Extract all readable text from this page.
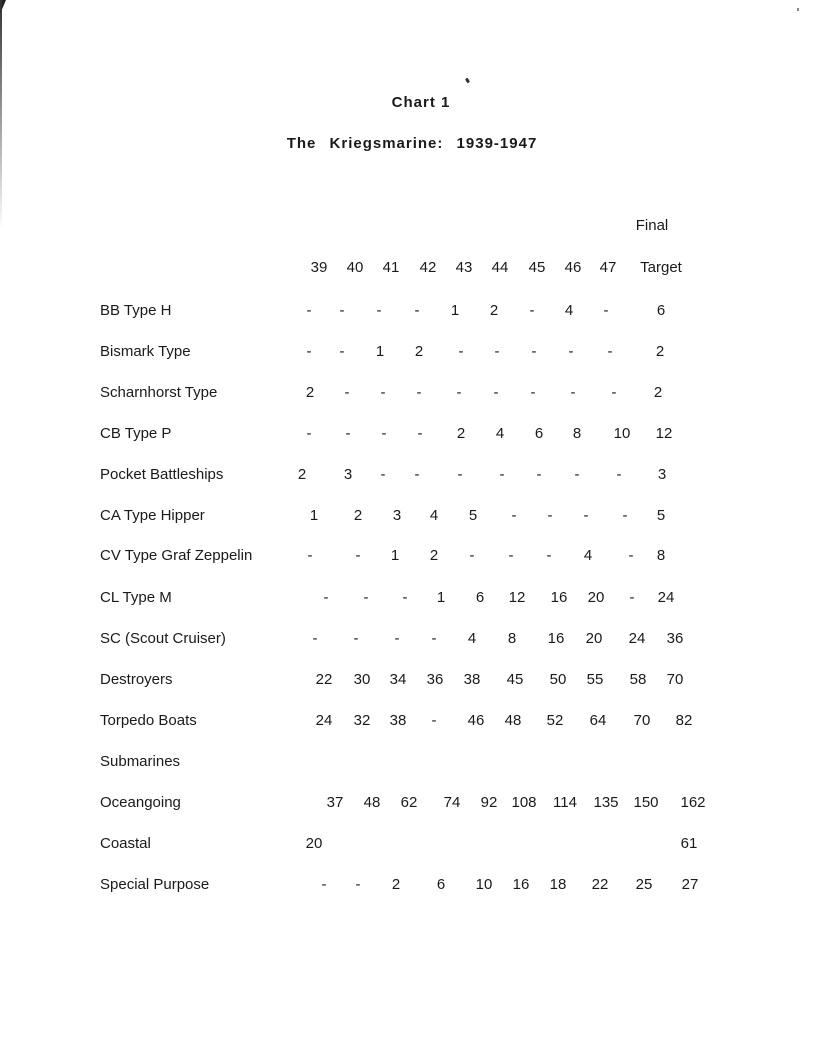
Chart 1
The Kriegsmarine: 1939-1947
Final
39 40 41 42 43 44 45 46 47 Target
BB Type H	- - - - 1 2 - 4 -	6
Bismark Type	- - 1 2 - - - - -	2
Scharnhorst Type	2 - - - - - - - - 2
CB Type P	- - - - 2 4 6 8 10 12
Pocket Battleships	2	3 - -	- - - - - 3
CA Type Hipper	1 2 3 4 5 - - - - 5
CV Type Graf Zeppelin	-	- 1 2 - - - 4 - 8
CL Type M	- - - 1 6 12 16 20 - 24
SC (Scout Cruiser)	- - - - 4 8 16 20 24 36
Destroyers	22 30 34 36 38 45 50 55 58 70
Torpedo Boats	24 32 38 - 46 48 52 64 70 82
Submarines
Oceangoing	37 48 62 74 92 108 114 135 150 162
Coastal	20	61
Special Purpose	- - 2 6 10 16 18 22 25 27
